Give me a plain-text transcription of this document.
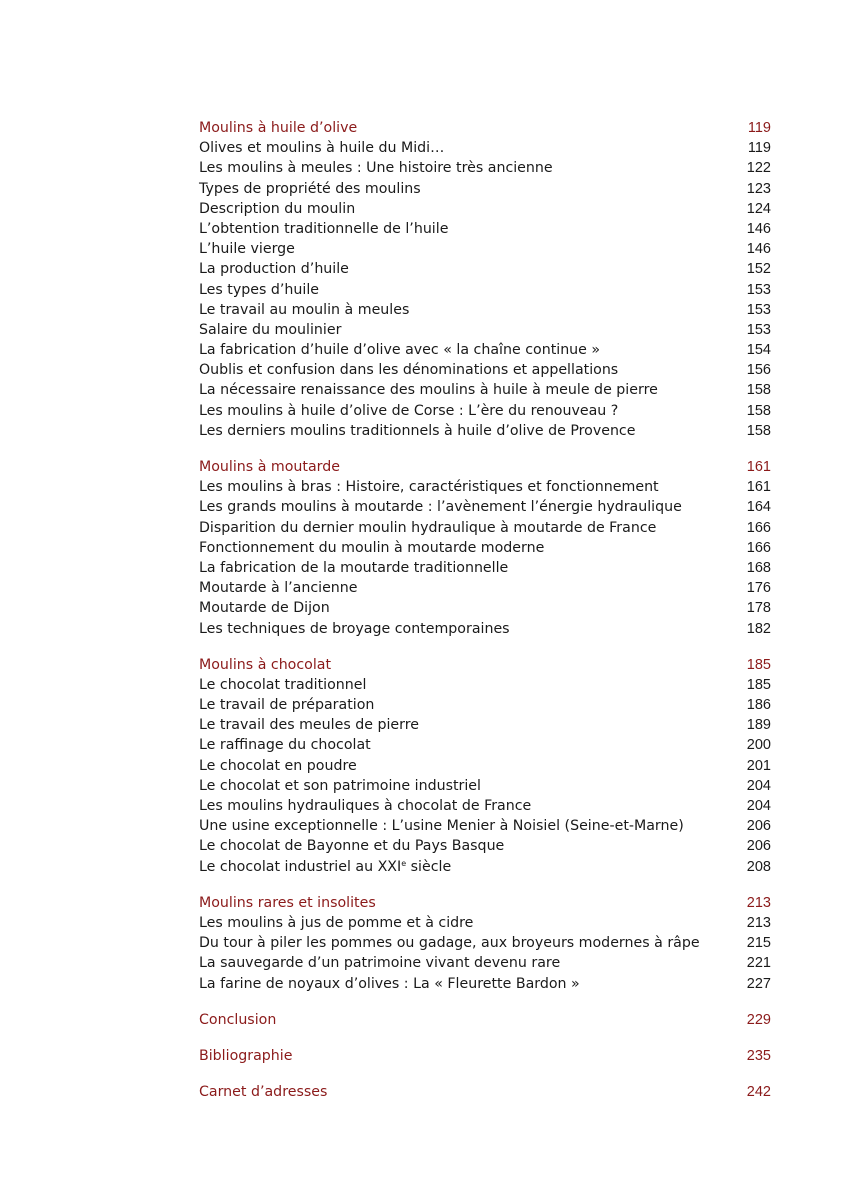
Moulins à huile d’olive	119
Olives et moulins à huile du Midi…	119
Les moulins à meules : Une histoire très ancienne	122
Types de propriété des moulins	123
Description du moulin	124
L’obtention traditionnelle de l’huile	146
L’huile vierge	146
La production d’huile	152
Les types d’huile	153
Le travail au moulin à meules	153
Salaire du moulinier	153
La fabrication d’huile d’olive avec « la chaîne continue »	154
Oublis et confusion dans les dénominations et appellations	156
La nécessaire renaissance des moulins à huile à meule de pierre	158
Les moulins à huile d’olive de Corse : L’ère du renouveau ?	158
Les derniers moulins traditionnels à huile d’olive de Provence	158
Moulins à moutarde	161
Les moulins à bras : Histoire, caractéristiques et fonctionnement	161
Les grands moulins à moutarde : l’avènement l’énergie hydraulique	164
Disparition du dernier moulin hydraulique à moutarde de France	166
Fonctionnement du moulin à moutarde moderne	166
La fabrication de la moutarde traditionnelle	168
Moutarde à l’ancienne	176
Moutarde de Dijon	178
Les techniques de broyage contemporaines	182
Moulins à chocolat	185
Le chocolat traditionnel	185
Le travail de préparation	186
Le travail des meules de pierre	189
Le raffinage du chocolat	200
Le chocolat en poudre	201
Le chocolat et son patrimoine industriel	204
Les moulins hydrauliques à chocolat de France	204
Une usine exceptionnelle : L’usine Menier à Noisiel (Seine-et-Marne)	206
Le chocolat de Bayonne et du Pays Basque	206
Le chocolat industriel au XXIe siècle	208
Moulins rares et insolites	213
Les moulins à jus de pomme et à cidre	213
Du tour à piler les pommes ou gadage, aux broyeurs modernes à râpe	215
La sauvegarde d’un patrimoine vivant devenu rare	221
La farine de noyaux d’olives : La « Fleurette Bardon »	227
Conclusion	229
Bibliographie	235
Carnet d’adresses	242
